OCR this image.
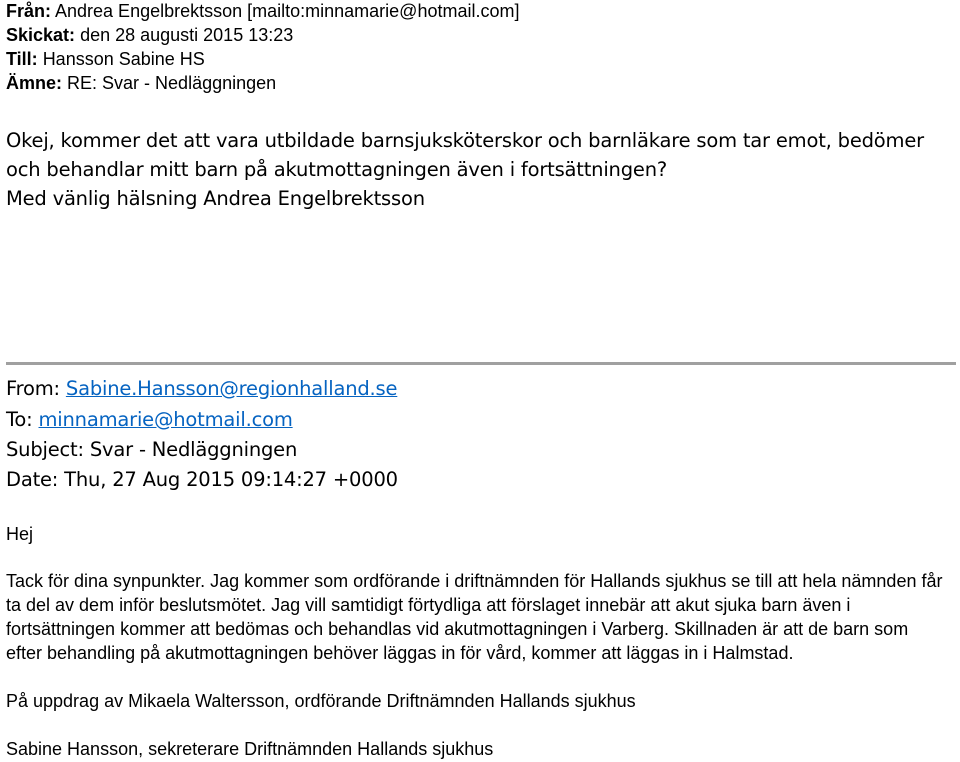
Från: Andrea Engelbrektsson [mailto:minnamarie@hotmail.com]
Skickat: den 28 augusti 2015 13:23
Till: Hansson Sabine HS
Ämne: RE: Svar - Nedläggningen

Okej, kommer det att vara utbildade barnsjuksköterskor och barnläkare som tar emot, bedömer och behandlar mitt barn på akutmottagningen även i fortsättningen?

Med vänlig hälsning Andrea Engelbrektsson

From: Sabine.Hansson@regionhalland.se
To: minnamarie@hotmail.com
Subject: Svar - Nedläggningen
Date: Thu, 27 Aug 2015 09:14:27 +0000
Hej
Tack för dina synpunkter. Jag kommer som ordförande i driftnämnden för Hallands sjukhus se till att hela nämnden får ta del av dem inför beslutsmötet. Jag vill samtidigt förtydliga att förslaget innebär att akut sjuka barn även i fortsättningen kommer att bedömas och behandlas vid akutmottagningen i Varberg. Skillnaden är att de barn som efter behandling på akutmottagningen behöver läggas in för vård, kommer att läggas in i Halmstad.
På uppdrag av Mikaela Waltersson, ordförande Driftnämnden Hallands sjukhus
Sabine Hansson, sekreterare Driftnämnden Hallands sjukhus
